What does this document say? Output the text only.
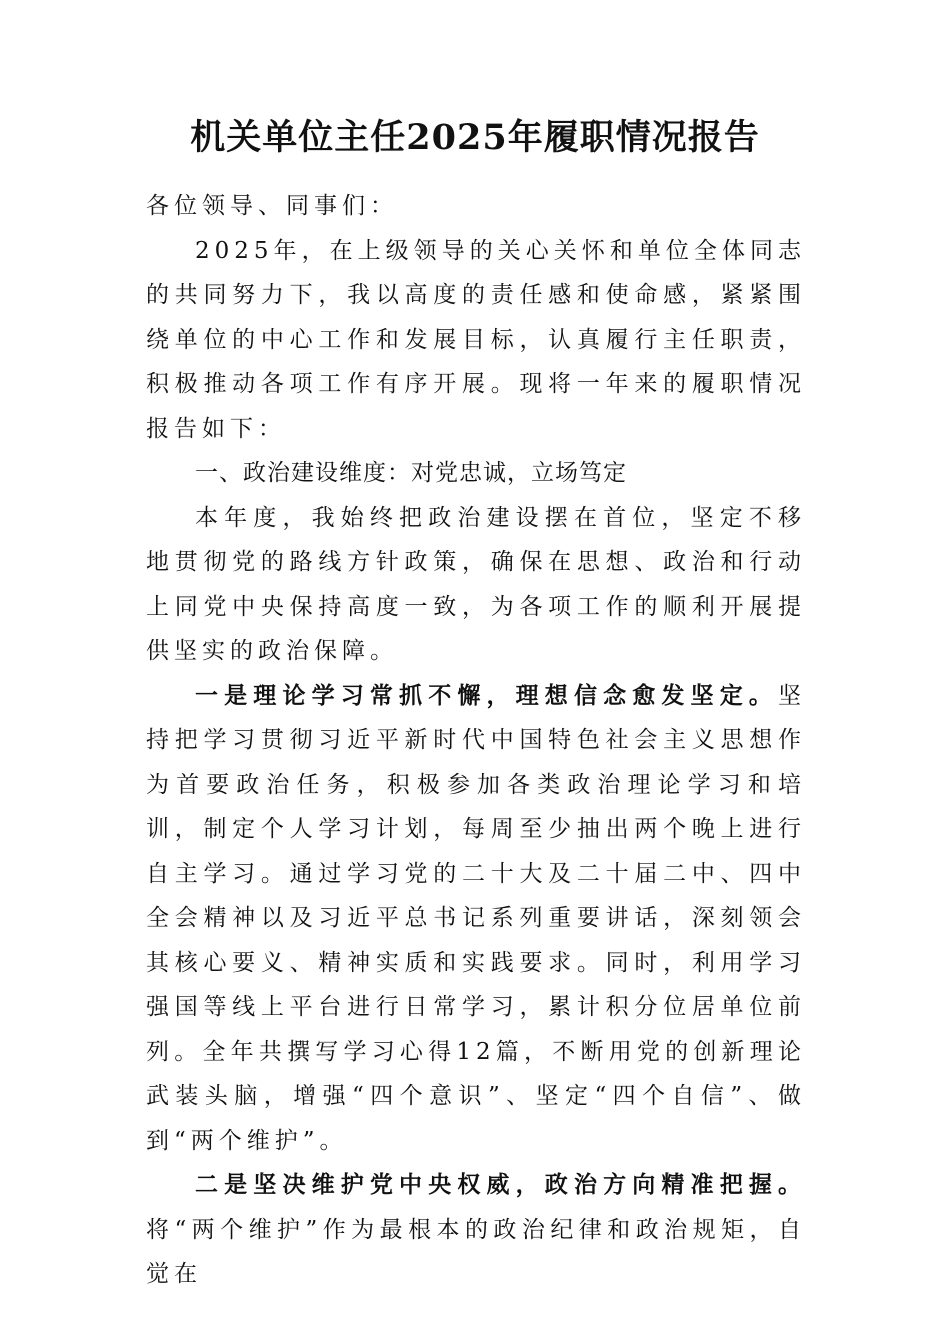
机关单位主任2025年履职情况报告

各位领导、同事们：

2025年，在上级领导的关心关怀和单位全体同志的共同努力下，我以高度的责任感和使命感，紧紧围绕单位的中心工作和发展目标，认真履行主任职责，积极推动各项工作有序开展。现将一年来的履职情况报告如下：

一、政治建设维度：对党忠诚，立场笃定

本年度，我始终把政治建设摆在首位，坚定不移地贯彻党的路线方针政策，确保在思想、政治和行动上同党中央保持高度一致，为各项工作的顺利开展提供坚实的政治保障。

一是理论学习常抓不懈，理想信念愈发坚定。坚持把学习贯彻习近平新时代中国特色社会主义思想作为首要政治任务，积极参加各类政治理论学习和培训，制定个人学习计划，每周至少抽出两个晚上进行自主学习。通过学习党的二十大及二十届二中、四中全会精神以及习近平总书记系列重要讲话，深刻领会其核心要义、精神实质和实践要求。同时，利用学习强国等线上平台进行日常学习，累计积分位居单位前列。全年共撰写学习心得12篇，不断用党的创新理论武装头脑，增强“四个意识”、坚定“四个自信”、做到“两个维护”。

二是坚决维护党中央权威，政治方向精准把握。将“两个维护”作为最根本的政治纪律和政治规矩，自觉在
